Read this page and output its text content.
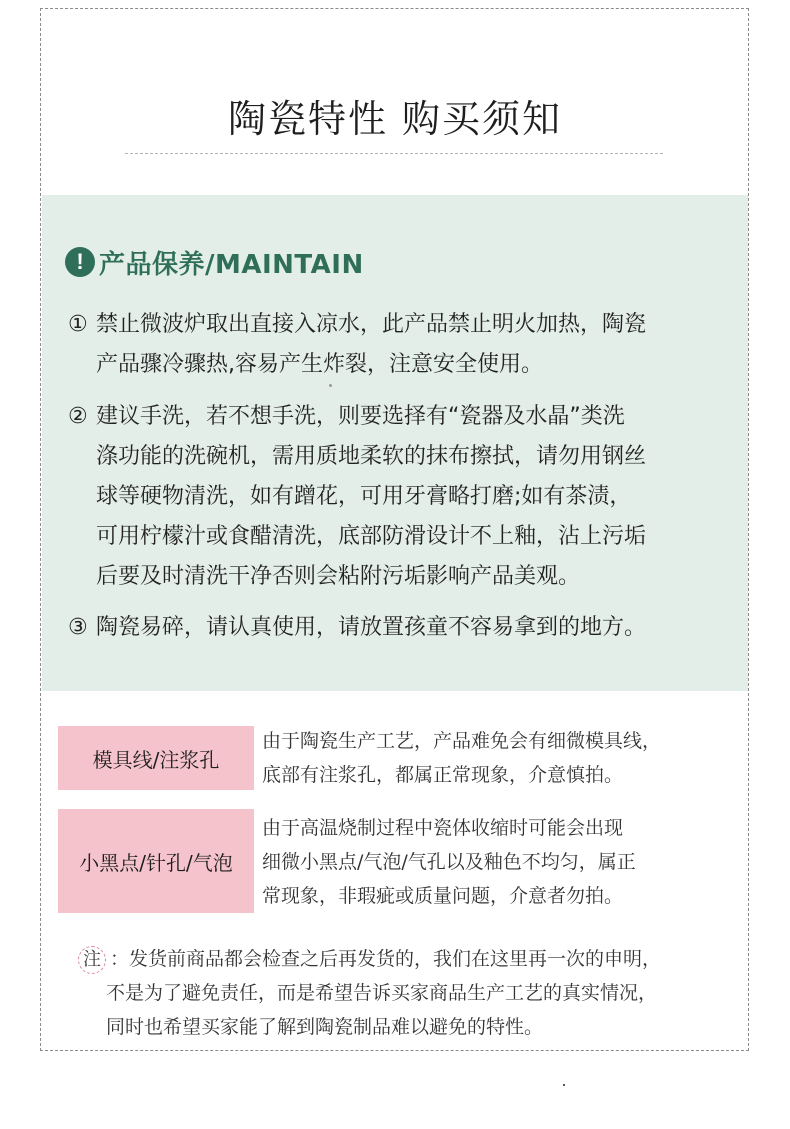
陶瓷特性 购买须知
! 产品保养/MAINTAIN
① 禁止微波炉取出直接入凉水，此产品禁止明火加热，陶瓷
产品骤冷骤热,容易产生炸裂，注意安全使用。
② 建议手洗，若不想手洗，则要选择有“瓷器及水晶”类洗
涤功能的洗碗机，需用质地柔软的抹布擦拭，请勿用钢丝
球等硬物清洗，如有蹭花，可用牙膏略打磨;如有茶渍，
可用柠檬汁或食醋清洗，底部防滑设计不上釉，沾上污垢
后要及时清洗干净否则会粘附污垢影响产品美观。
③ 陶瓷易碎，请认真使用，请放置孩童不容易拿到的地方。
模具线/注浆孔
由于陶瓷生产工艺，产品难免会有细微模具线，
底部有注浆孔，都属正常现象，介意慎拍。
小黑点/针孔/气泡
由于高温烧制过程中瓷体收缩时可能会出现
细微小黑点/气泡/气孔以及釉色不均匀，属正
常现象，非瑕疵或质量问题，介意者勿拍。
注 ：发货前商品都会检查之后再发货的，我们在这里再一次的申明，
不是为了避免责任，而是希望告诉买家商品生产工艺的真实情况，
同时也希望买家能了解到陶瓷制品难以避免的特性。
